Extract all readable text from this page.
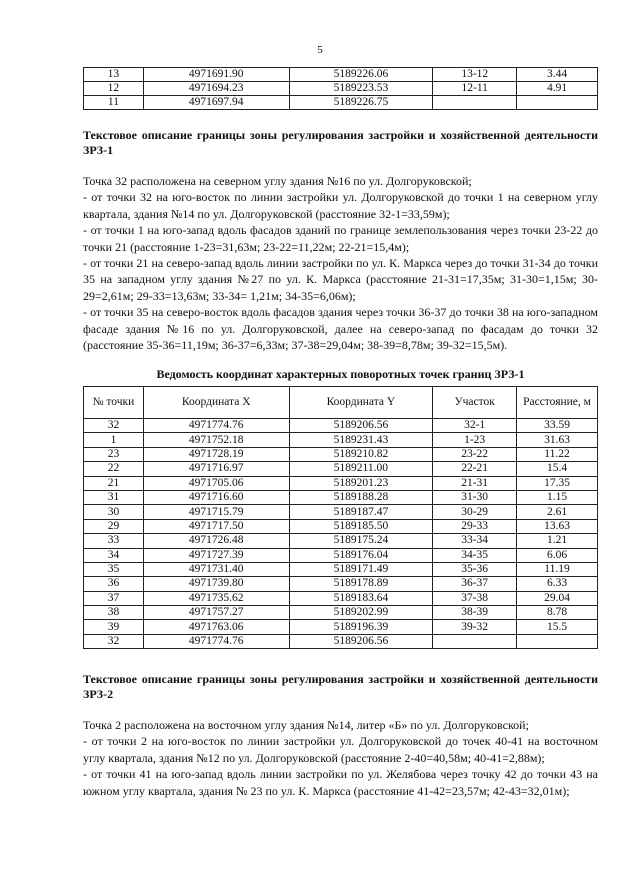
5
13	4971691.90	5189226.06	13-12	3.44
12	4971694.23	5189223.53	12-11	4.91
11	4971697.94	5189226.75		
Текстовое описание границы зоны регулирования застройки и хозяйственной деятельности ЗРЗ-1

Точка 32 расположена на северном углу здания №16 по ул. Долгоруковской;

- от точки 32 на юго-восток по линии застройки ул. Долгоруковской до точки 1 на северном углу квартала, здания №14 по ул. Долгоруковской (расстояние 32-1=33,59м);

- от точки 1 на юго-запад вдоль фасадов зданий по границе землепользования через точки 23-22 до точки 21 (расстояние 1-23=31,63м; 23-22=11,22м; 22-21=15,4м);

- от точки 21 на северо-запад вдоль линии застройки по ул. К. Маркса через до точки 31-34 до точки 35 на западном углу здания №27 по ул. К. Маркса (расстояние 21-31=17,35м; 31-30=1,15м; 30-29=2,61м; 29-33=13,63м; 33-34= 1,21м; 34-35=6,06м);

- от точки 35 на северо-восток вдоль фасадов здания через точки 36-37 до точки 38 на юго-западном фасаде здания №16 по ул. Долгоруковской, далее на северо-запад по фасадам до точки 32 (расстояние 35-36=11,19м; 36-37=6,33м; 37-38=29,04м; 38-39=8,78м; 39-32=15,5м).

Ведомость координат характерных поворотных точек границ ЗРЗ-1
№ точки	Координата X	Координата Y	Участок	Расстояние, м
32	4971774.76	5189206.56	32-1	33.59
1	4971752.18	5189231.43	1-23	31.63
23	4971728.19	5189210.82	23-22	11.22
22	4971716.97	5189211.00	22-21	15.4
21	4971705.06	5189201.23	21-31	17.35
31	4971716.60	5189188.28	31-30	1.15
30	4971715.79	5189187.47	30-29	2.61
29	4971717.50	5189185.50	29-33	13.63
33	4971726.48	5189175.24	33-34	1.21
34	4971727.39	5189176.04	34-35	6.06
35	4971731.40	5189171.49	35-36	11.19
36	4971739.80	5189178.89	36-37	6.33
37	4971735.62	5189183.64	37-38	29.04
38	4971757.27	5189202.99	38-39	8.78
39	4971763.06	5189196.39	39-32	15.5
32	4971774.76	5189206.56		
Текстовое описание границы зоны регулирования застройки и хозяйственной деятельности ЗРЗ-2

Точка 2 расположена на восточном углу здания №14, литер «Б» по ул. Долгоруковской;

- от точки 2 на юго-восток по линии застройки ул. Долгоруковской до точек 40-41 на восточном углу квартала, здания №12 по ул. Долгоруковской (расстояние 2-40=40,58м; 40-41=2,88м);

- от точки 41 на юго-запад вдоль линии застройки по ул. Желябова через точку 42 до точки 43 на южном углу квартала, здания № 23 по ул. К. Маркса (расстояние 41-42=23,57м; 42-43=32,01м);
